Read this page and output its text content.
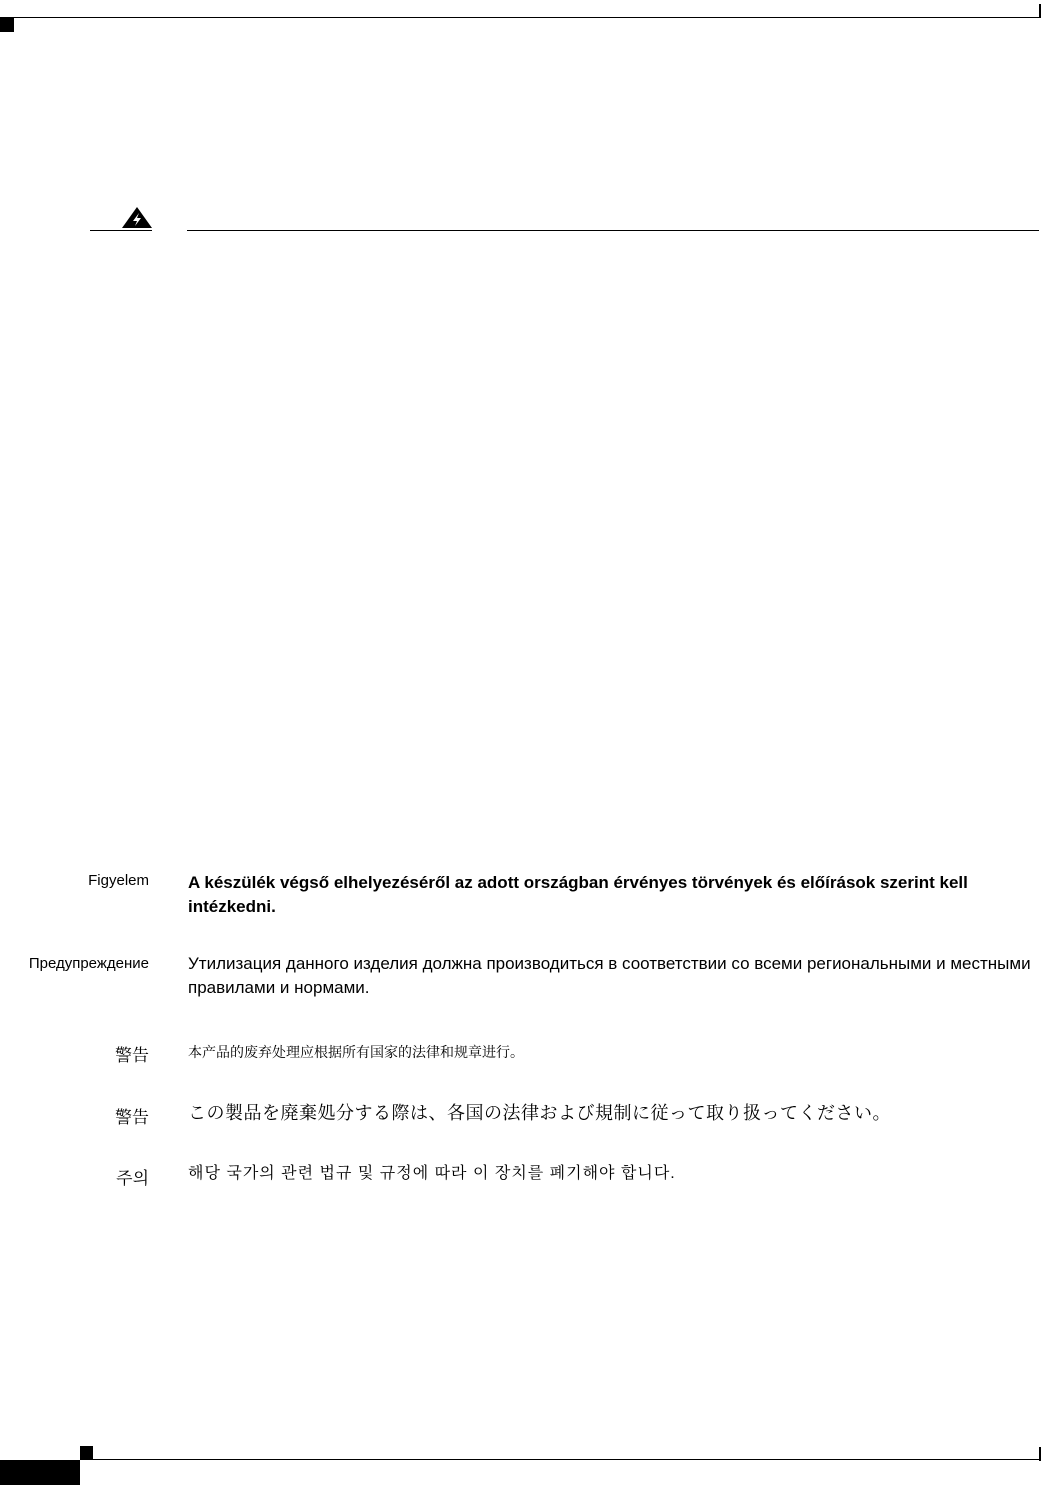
Figyelem A készülék végső elhelyezéséről az adott országban érvényes törvények és előírások szerint kell intézkedni.
Предупреждение Утилизация данного изделия должна производиться в соответствии со всеми региональными и местными правилами и нормами.
警告	本产品的废弃处理应根据所有国家的法律和规章进行。
警告 この製品を廃棄処分する際は、各国の法律および規制に従って取り扱ってください。
주의 해당 국가의 관련 법규 및 규정에 따라 이 장치를 폐기해야 합니다.
